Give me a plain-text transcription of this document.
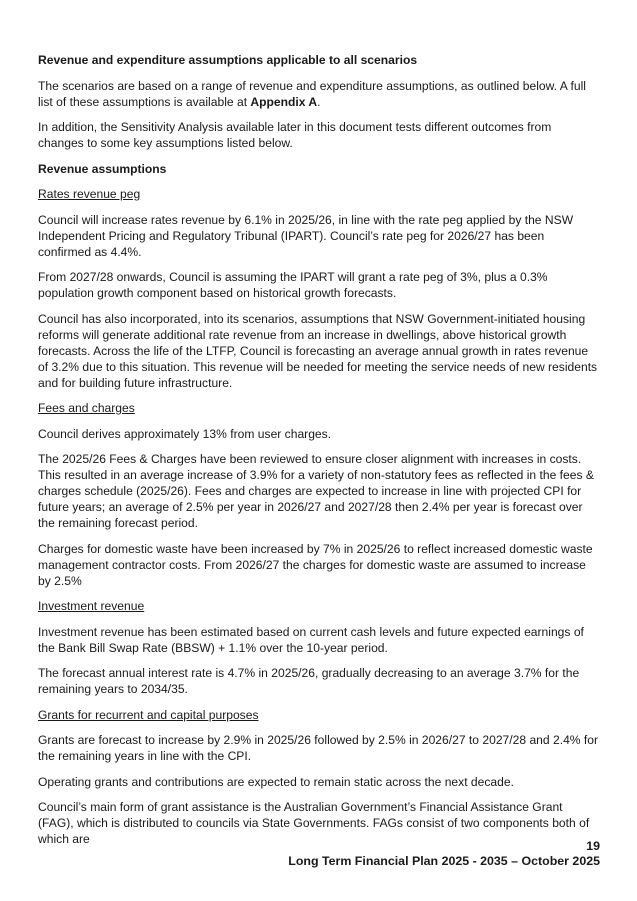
Revenue and expenditure assumptions applicable to all scenarios

The scenarios are based on a range of revenue and expenditure assumptions, as outlined below. A full list of these assumptions is available at Appendix A.

In addition, the Sensitivity Analysis available later in this document tests different outcomes from changes to some key assumptions listed below.

Revenue assumptions

Rates revenue peg

Council will increase rates revenue by 6.1% in 2025/26, in line with the rate peg applied by the NSW Independent Pricing and Regulatory Tribunal (IPART). Council’s rate peg for 2026/27 has been confirmed as 4.4%.

From 2027/28 onwards, Council is assuming the IPART will grant a rate peg of 3%, plus a 0.3% population growth component based on historical growth forecasts.

Council has also incorporated, into its scenarios, assumptions that NSW Government-initiated housing reforms will generate additional rate revenue from an increase in dwellings, above historical growth forecasts. Across the life of the LTFP, Council is forecasting an average annual growth in rates revenue of 3.2% due to this situation. This revenue will be needed for meeting the service needs of new residents and for building future infrastructure.

Fees and charges

Council derives approximately 13% from user charges.

The 2025/26 Fees & Charges have been reviewed to ensure closer alignment with increases in costs. This resulted in an average increase of 3.9% for a variety of non-statutory fees as reflected in the fees & charges schedule (2025/26). Fees and charges are expected to increase in line with projected CPI for future years; an average of 2.5% per year in 2026/27 and 2027/28 then 2.4% per year is forecast over the remaining forecast period.

Charges for domestic waste have been increased by 7% in 2025/26 to reflect increased domestic waste management contractor costs. From 2026/27 the charges for domestic waste are assumed to increase by 2.5%

Investment revenue

Investment revenue has been estimated based on current cash levels and future expected earnings of the Bank Bill Swap Rate (BBSW) + 1.1% over the 10-year period.

The forecast annual interest rate is 4.7% in 2025/26, gradually decreasing to an average 3.7% for the remaining years to 2034/35.

Grants for recurrent and capital purposes

Grants are forecast to increase by 2.9% in 2025/26 followed by 2.5% in 2026/27 to 2027/28 and 2.4% for the remaining years in line with the CPI.

Operating grants and contributions are expected to remain static across the next decade.

Council’s main form of grant assistance is the Australian Government’s Financial Assistance Grant (FAG), which is distributed to councils via State Governments. FAGs consist of two components both of which are	19
Long Term Financial Plan 2025 - 2035 – October 2025
